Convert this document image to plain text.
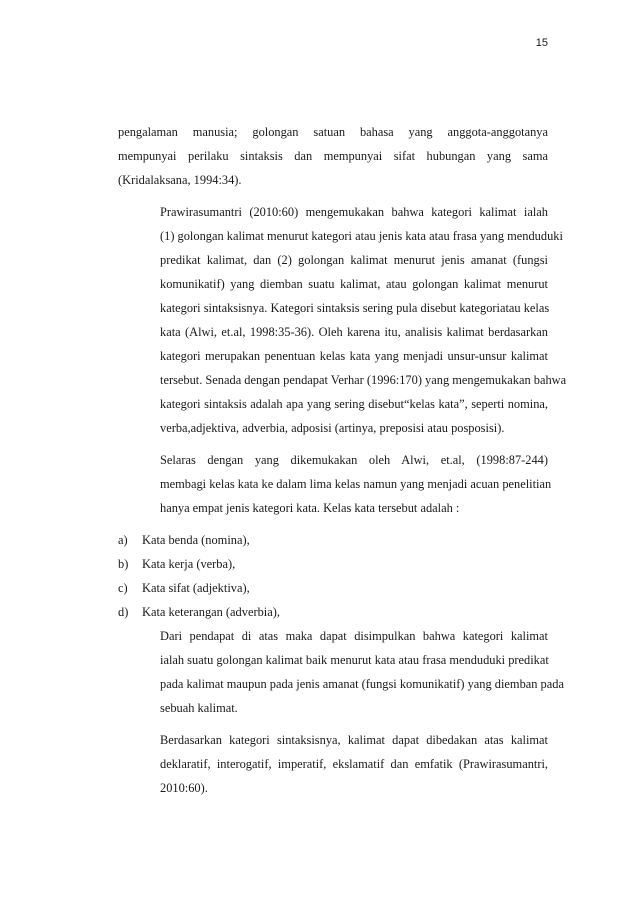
15

pengalaman manusia; golongan satuan bahasa yang anggota-anggotanya
mempunyai perilaku sintaksis dan mempunyai sifat hubungan yang sama
(Kridalaksana, 1994:34).

Prawirasumantri (2010:60) mengemukakan bahwa kategori kalimat ialah
(1) golongan kalimat menurut kategori atau jenis kata atau frasa yang menduduki
predikat kalimat, dan (2) golongan kalimat menurut jenis amanat (fungsi
komunikatif) yang diemban suatu kalimat, atau golongan kalimat menurut
kategori sintaksisnya. Kategori sintaksis sering pula disebut kategoriatau kelas
kata (Alwi, et.al, 1998:35-36). Oleh karena itu, analisis kalimat berdasarkan
kategori merupakan penentuan kelas kata yang menjadi unsur-unsur kalimat
tersebut. Senada dengan pendapat Verhar (1996:170) yang mengemukakan bahwa
kategori sintaksis adalah apa yang sering disebut“kelas kata”, seperti nomina,
verba,adjektiva, adverbia, adposisi (artinya, preposisi atau posposisi).

Selaras dengan yang dikemukakan oleh Alwi, et.al, (1998:87-244)
membagi kelas kata ke dalam lima kelas namun yang menjadi acuan penelitian
hanya empat jenis kategori kata. Kelas kata tersebut adalah :

a)	Kata benda (nomina),
b)	Kata kerja (verba),
c)	Kata sifat (adjektiva),
d)	Kata keterangan (adverbia),

Dari pendapat di atas maka dapat disimpulkan bahwa kategori kalimat
ialah suatu golongan kalimat baik menurut kata atau frasa menduduki predikat
pada kalimat maupun pada jenis amanat (fungsi komunikatif) yang diemban pada
sebuah kalimat.

Berdasarkan kategori sintaksisnya, kalimat dapat dibedakan atas kalimat
deklaratif, interogatif, imperatif, ekslamatif dan emfatik (Prawirasumantri,
2010:60).
